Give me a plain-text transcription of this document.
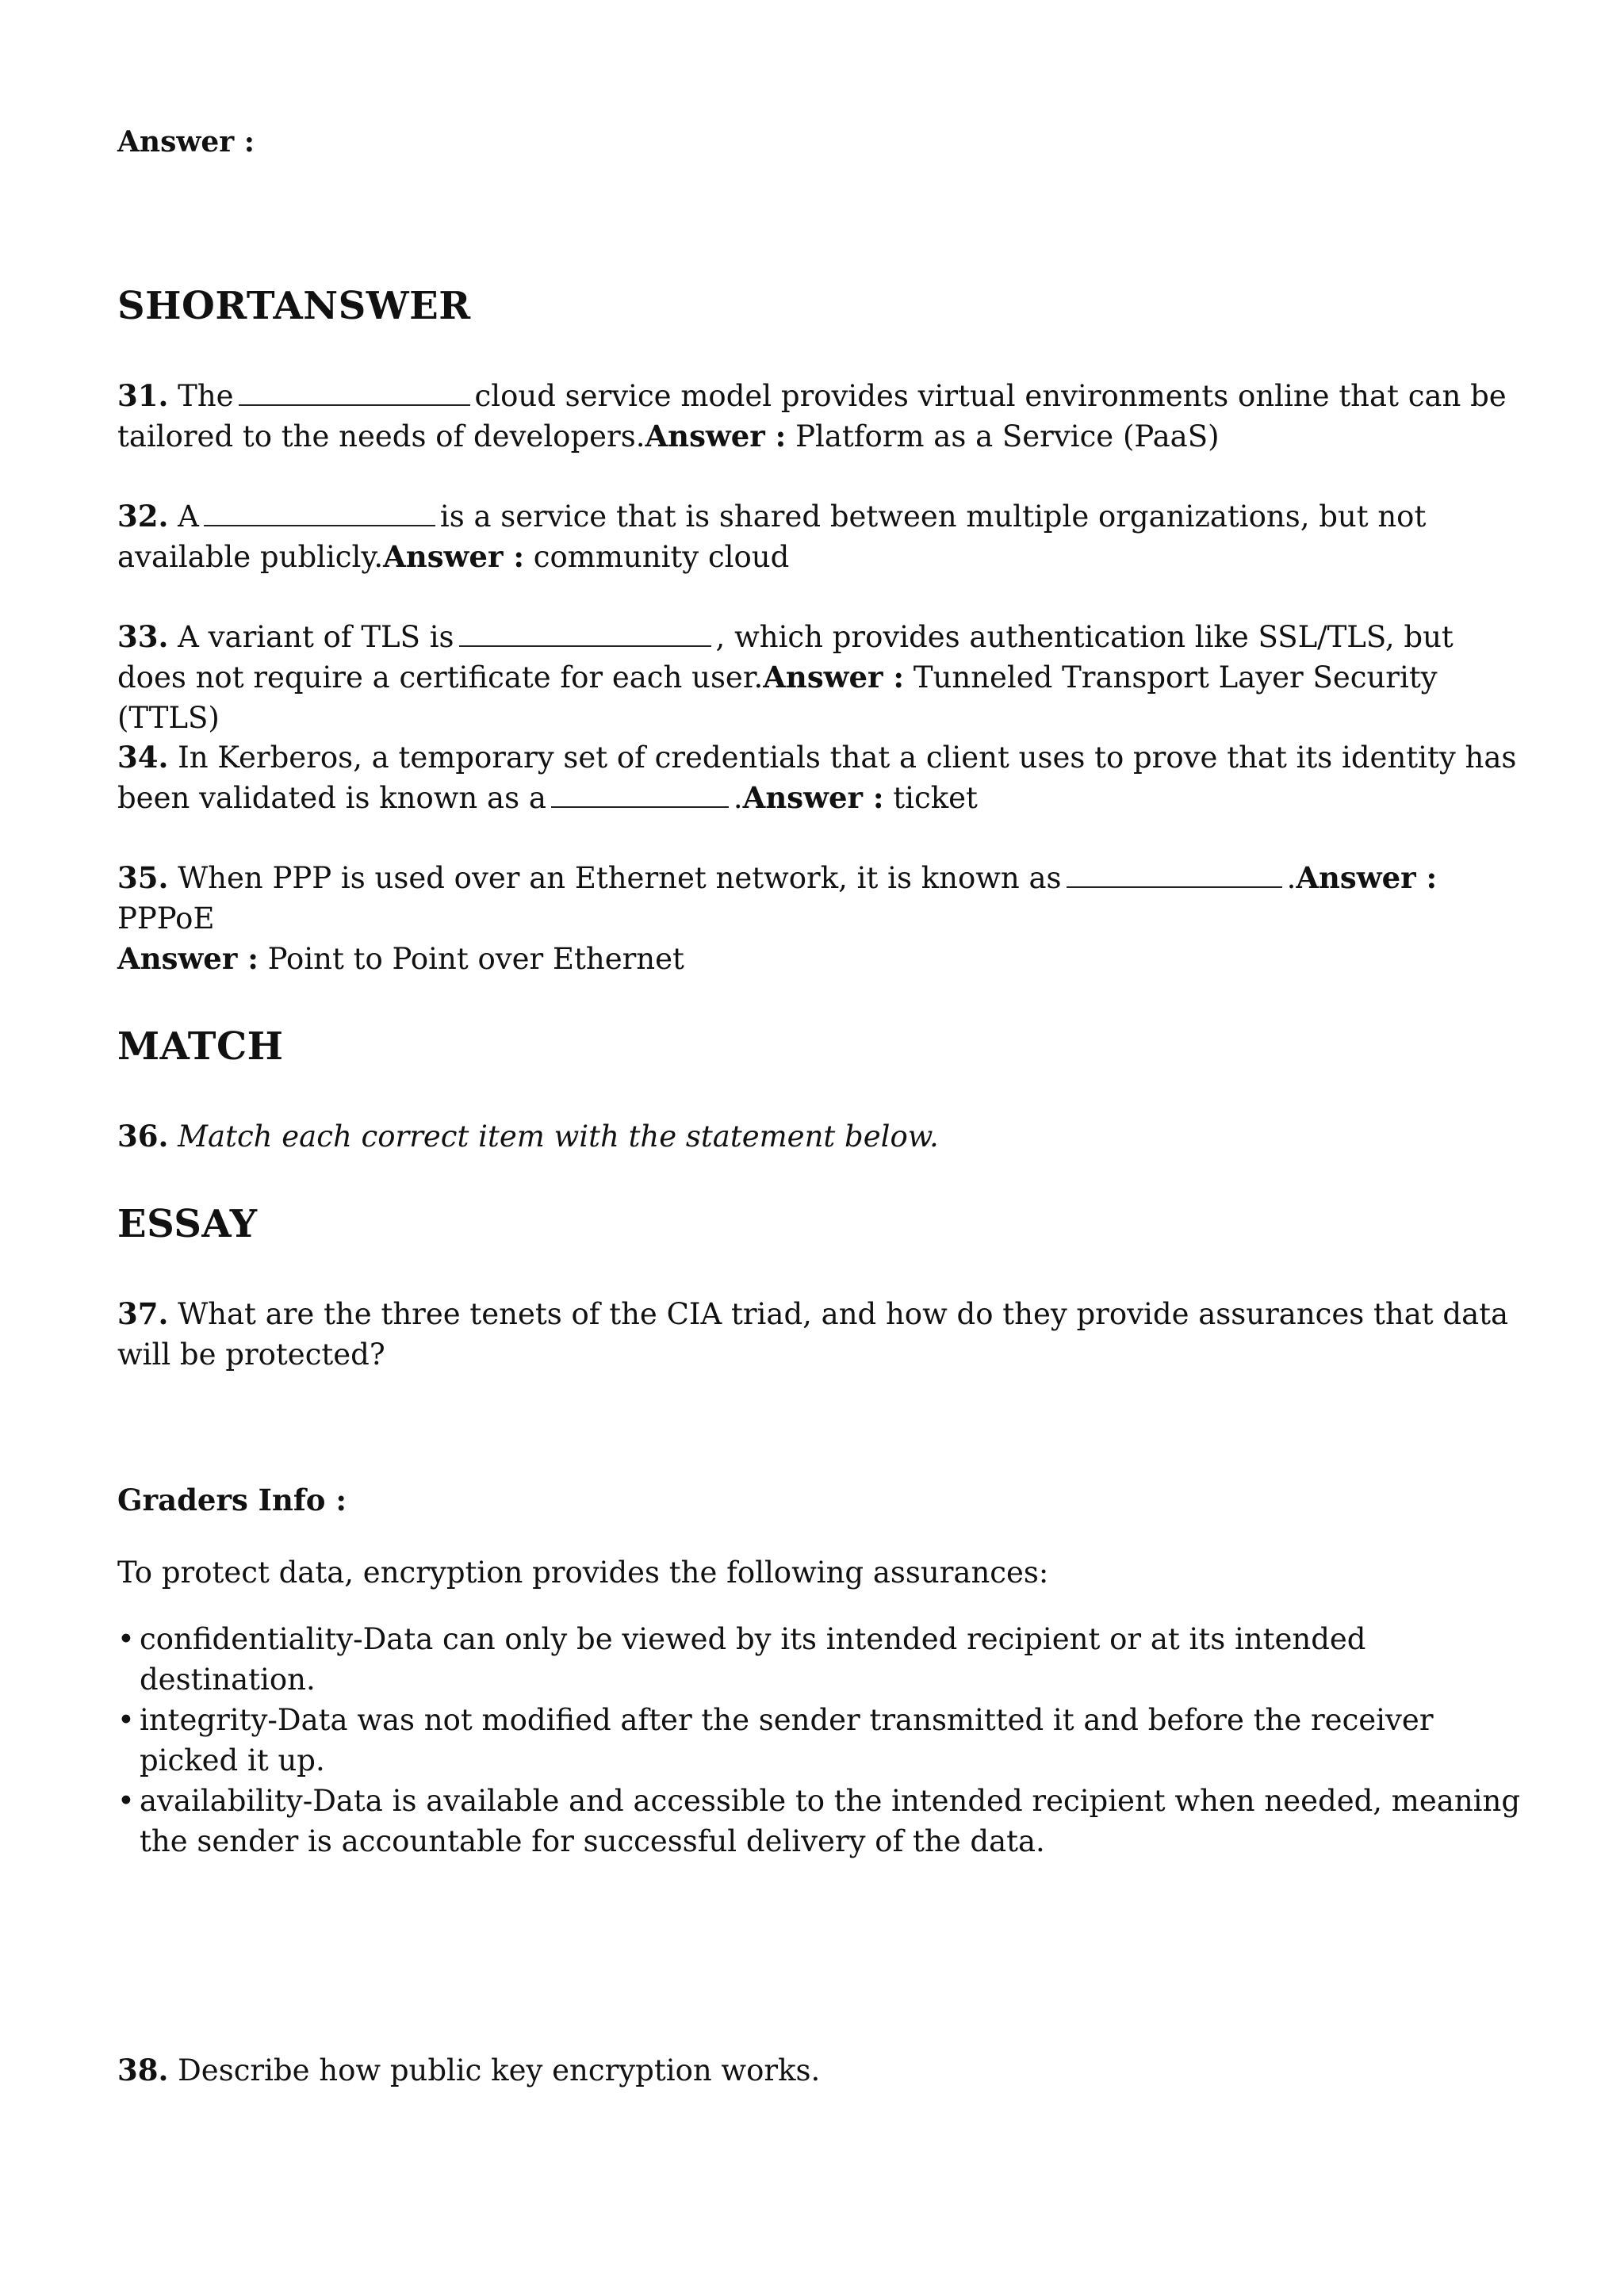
Answer :
SHORTANSWER
31. The	cloud service model provides virtual environments online that can be tailored to the needs of developers.Answer : Platform as a Service (PaaS)
32. A	is a service that is shared between multiple organizations, but not available publicly.Answer : community cloud
33. A variant of TLS is	, which provides authentication like SSL/TLS, but does not require a certificate for each user.Answer : Tunneled Transport Layer Security (TTLS)
34. In Kerberos, a temporary set of credentials that a client uses to prove that its identity has been validated is known as a	.Answer : ticket
35. When PPP is used over an Ethernet network, it is known as	.Answer : PPPoE
Answer : Point to Point over Ethernet
MATCH
36. Match each correct item with the statement below.
ESSAY
37. What are the three tenets of the CIA triad, and how do they provide assurances that data will be protected?
Graders Info :
To protect data, encryption provides the following assurances:
• confidentiality-Data can only be viewed by its intended recipient or at its intended destination.
• integrity-Data was not modified after the sender transmitted it and before the receiver picked it up.
• availability-Data is available and accessible to the intended recipient when needed, meaning the sender is accountable for successful delivery of the data.
38. Describe how public key encryption works.
